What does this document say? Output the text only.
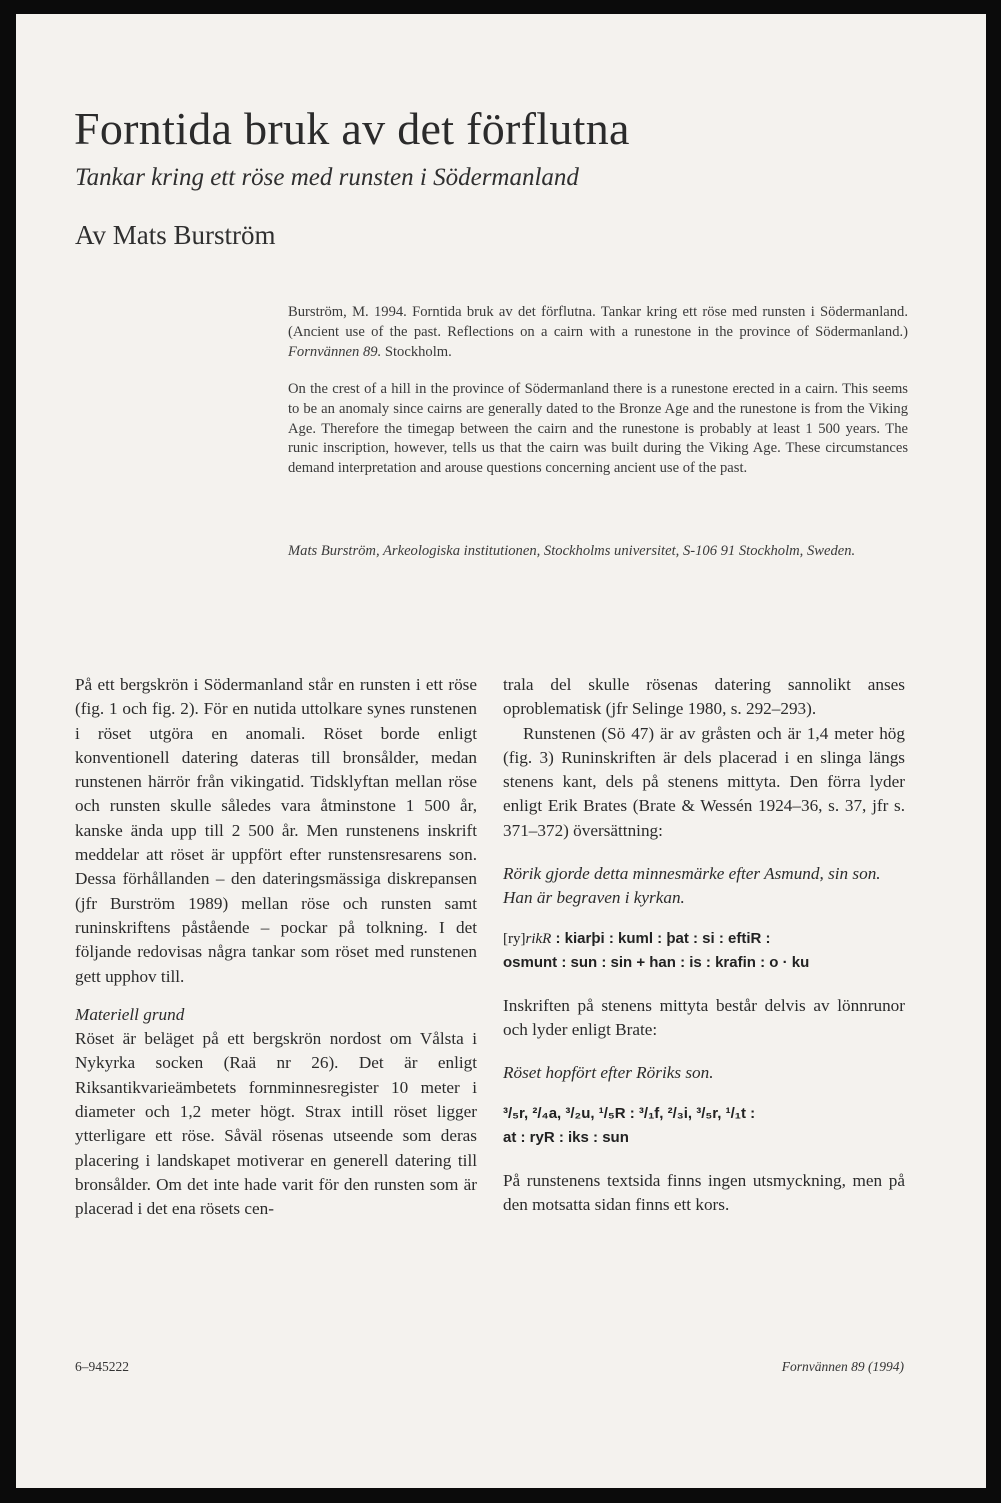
Forntida bruk av det förflutna
Tankar kring ett röse med runsten i Södermanland
Av Mats Burström

Burström, M. 1994. Forntida bruk av det förflutna. Tankar kring ett röse med runsten i Södermanland. (Ancient use of the past. Reflections on a cairn with a runestone in the province of Södermanland.) Fornvännen 89. Stockholm.

On the crest of a hill in the province of Södermanland there is a runestone erected in a cairn. This seems to be an anomaly since cairns are generally dated to the Bronze Age and the runestone is from the Viking Age. Therefore the timegap between the cairn and the runestone is probably at least 1 500 years. The runic inscription, however, tells us that the cairn was built during the Viking Age. These circumstances demand interpretation and arouse questions concerning ancient use of the past.

Mats Burström, Arkeologiska institutionen, Stockholms universitet, S-106 91 Stockholm, Sweden.

På ett bergskrön i Södermanland står en runsten i ett röse (fig. 1 och fig. 2). För en nutida uttolkare synes runstenen i röset utgöra en anomali. Röset borde enligt konventionell datering dateras till bronsålder, medan runstenen härrör från vikingatid. Tidsklyftan mellan röse och runsten skulle således vara åtminstone 1 500 år, kanske ända upp till 2 500 år. Men runstenens inskrift meddelar att röset är uppfört efter runstensresarens son. Dessa förhållanden – den dateringsmässiga diskrepansen (jfr Burström 1989) mellan röse och runsten samt runinskriftens påstående – pockar på tolkning. I det följande redovisas några tankar som röset med runstenen gett upphov till.

Materiell grund

Röset är beläget på ett bergskrön nordost om Vålsta i Nykyrka socken (Raä nr 26). Det är enligt Riksantikvarieämbetets fornminnesregister 10 meter i diameter och 1,2 meter högt. Strax intill röset ligger ytterligare ett röse. Såväl rösenas utseende som deras placering i landskapet motiverar en generell datering till bronsålder. Om det inte hade varit för den runsten som är placerad i det ena rösets cen-

trala del skulle rösenas datering sannolikt anses oproblematisk (jfr Selinge 1980, s. 292–293).

Runstenen (Sö 47) är av gråsten och är 1,4 meter hög (fig. 3) Runinskriften är dels placerad i en slinga längs stenens kant, dels på stenens mittyta. Den förra lyder enligt Erik Brates (Brate & Wessén 1924–36, s. 37, jfr s. 371–372) översättning:

Rörik gjorde detta minnesmärke efter Asmund, sin son. Han är begraven i kyrkan.

[ry]rikR : kiarþi : kuml : þat : si : eftiR :
osmunt : sun : sin + han : is : krafin : o · ku

Inskriften på stenens mittyta består delvis av lönnrunor och lyder enligt Brate:

Röset hopfört efter Röriks son.

³/₅r, ²/₄a, ³/₂u, ¹/₅R : ³/₁f, ²/₃i, ³/₅r, ¹/₁t :
at : ryR : iks : sun

På runstenens textsida finns ingen utsmyckning, men på den motsatta sidan finns ett kors.

6–945222	Fornvännen 89 (1994)
